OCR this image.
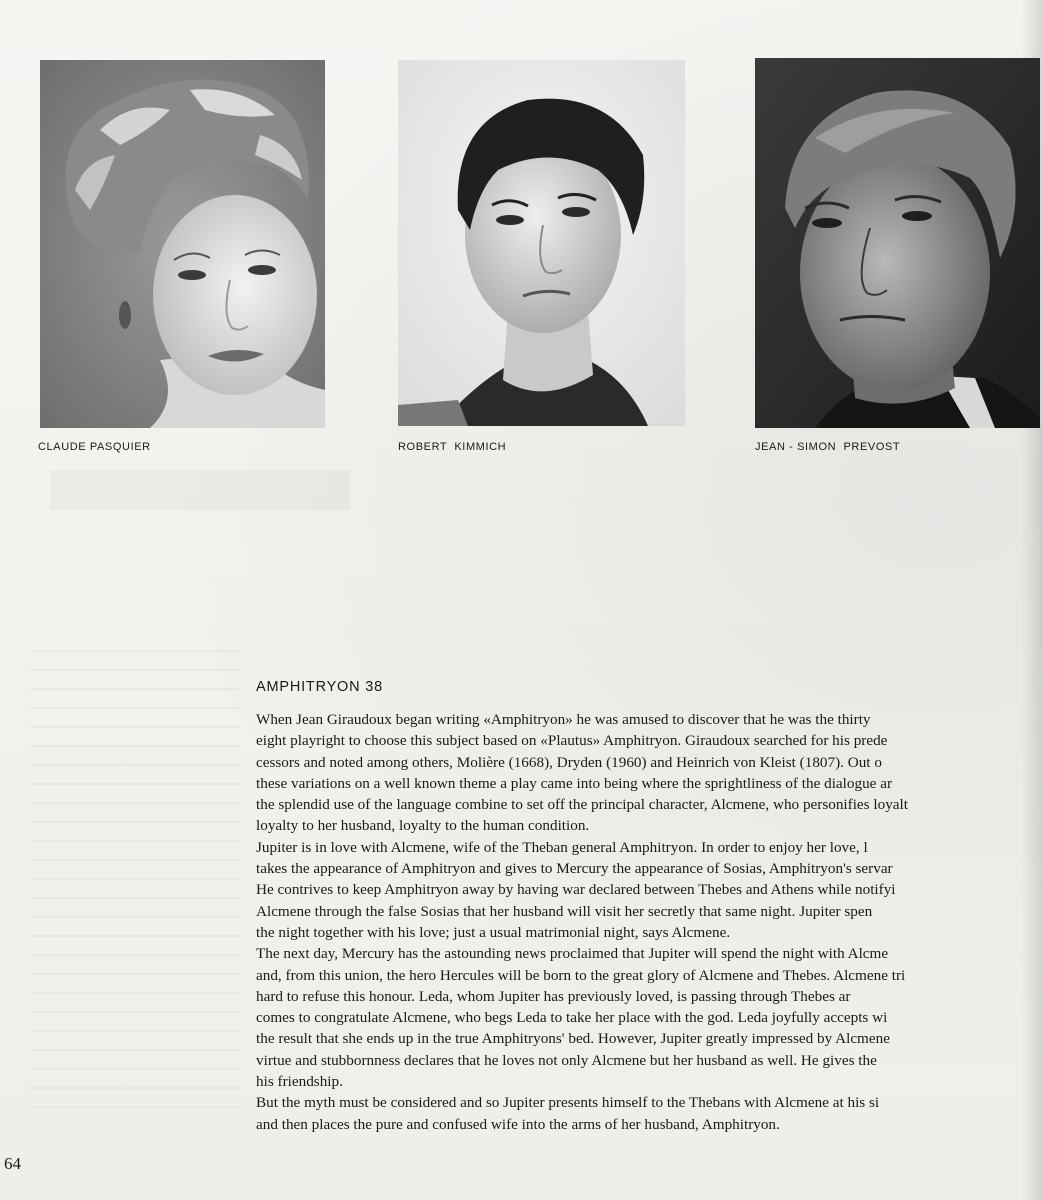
CLAUDE PASQUIER	ROBERT  KIMMICH	JEAN - SIMON  PREVOST
AMPHITRYON 38
When Jean Giraudoux began writing «Amphitryon» he was amused to discover that he was the thirty
eight playright to choose this subject based on «Plautus» Amphitryon. Giraudoux searched for his prede
cessors and noted among others, Molière (1668), Dryden (1960) and Heinrich von Kleist (1807). Out o
these variations on a well known theme a play came into being where the sprightliness of the dialogue ar
the splendid use of the language combine to set off the principal character, Alcmene, who personifies loyalt
loyalty to her husband, loyalty to the human condition.
Jupiter is in love with Alcmene, wife of the Theban general Amphitryon. In order to enjoy her love, l
takes the appearance of Amphitryon and gives to Mercury the appearance of Sosias, Amphitryon's servar
He contrives to keep Amphitryon away by having war declared between Thebes and Athens while notifyi
Alcmene through the false Sosias that her husband will visit her secretly that same night. Jupiter spen
the night together with his love; just a usual matrimonial night, says Alcmene.
The next day, Mercury has the astounding news proclaimed that Jupiter will spend the night with Alcme
and, from this union, the hero Hercules will be born to the great glory of Alcmene and Thebes. Alcmene tri
hard to refuse this honour. Leda, whom Jupiter has previously loved, is passing through Thebes ar
comes to congratulate Alcmene, who begs Leda to take her place with the god. Leda joyfully accepts wi
the result that she ends up in the true Amphitryons' bed. However, Jupiter greatly impressed by Alcmene
virtue and stubbornness declares that he loves not only Alcmene but her husband as well. He gives the
his friendship.
But the myth must be considered and so Jupiter presents himself to the Thebans with Alcmene at his si
and then places the pure and confused wife into the arms of her husband, Amphitryon.
64
